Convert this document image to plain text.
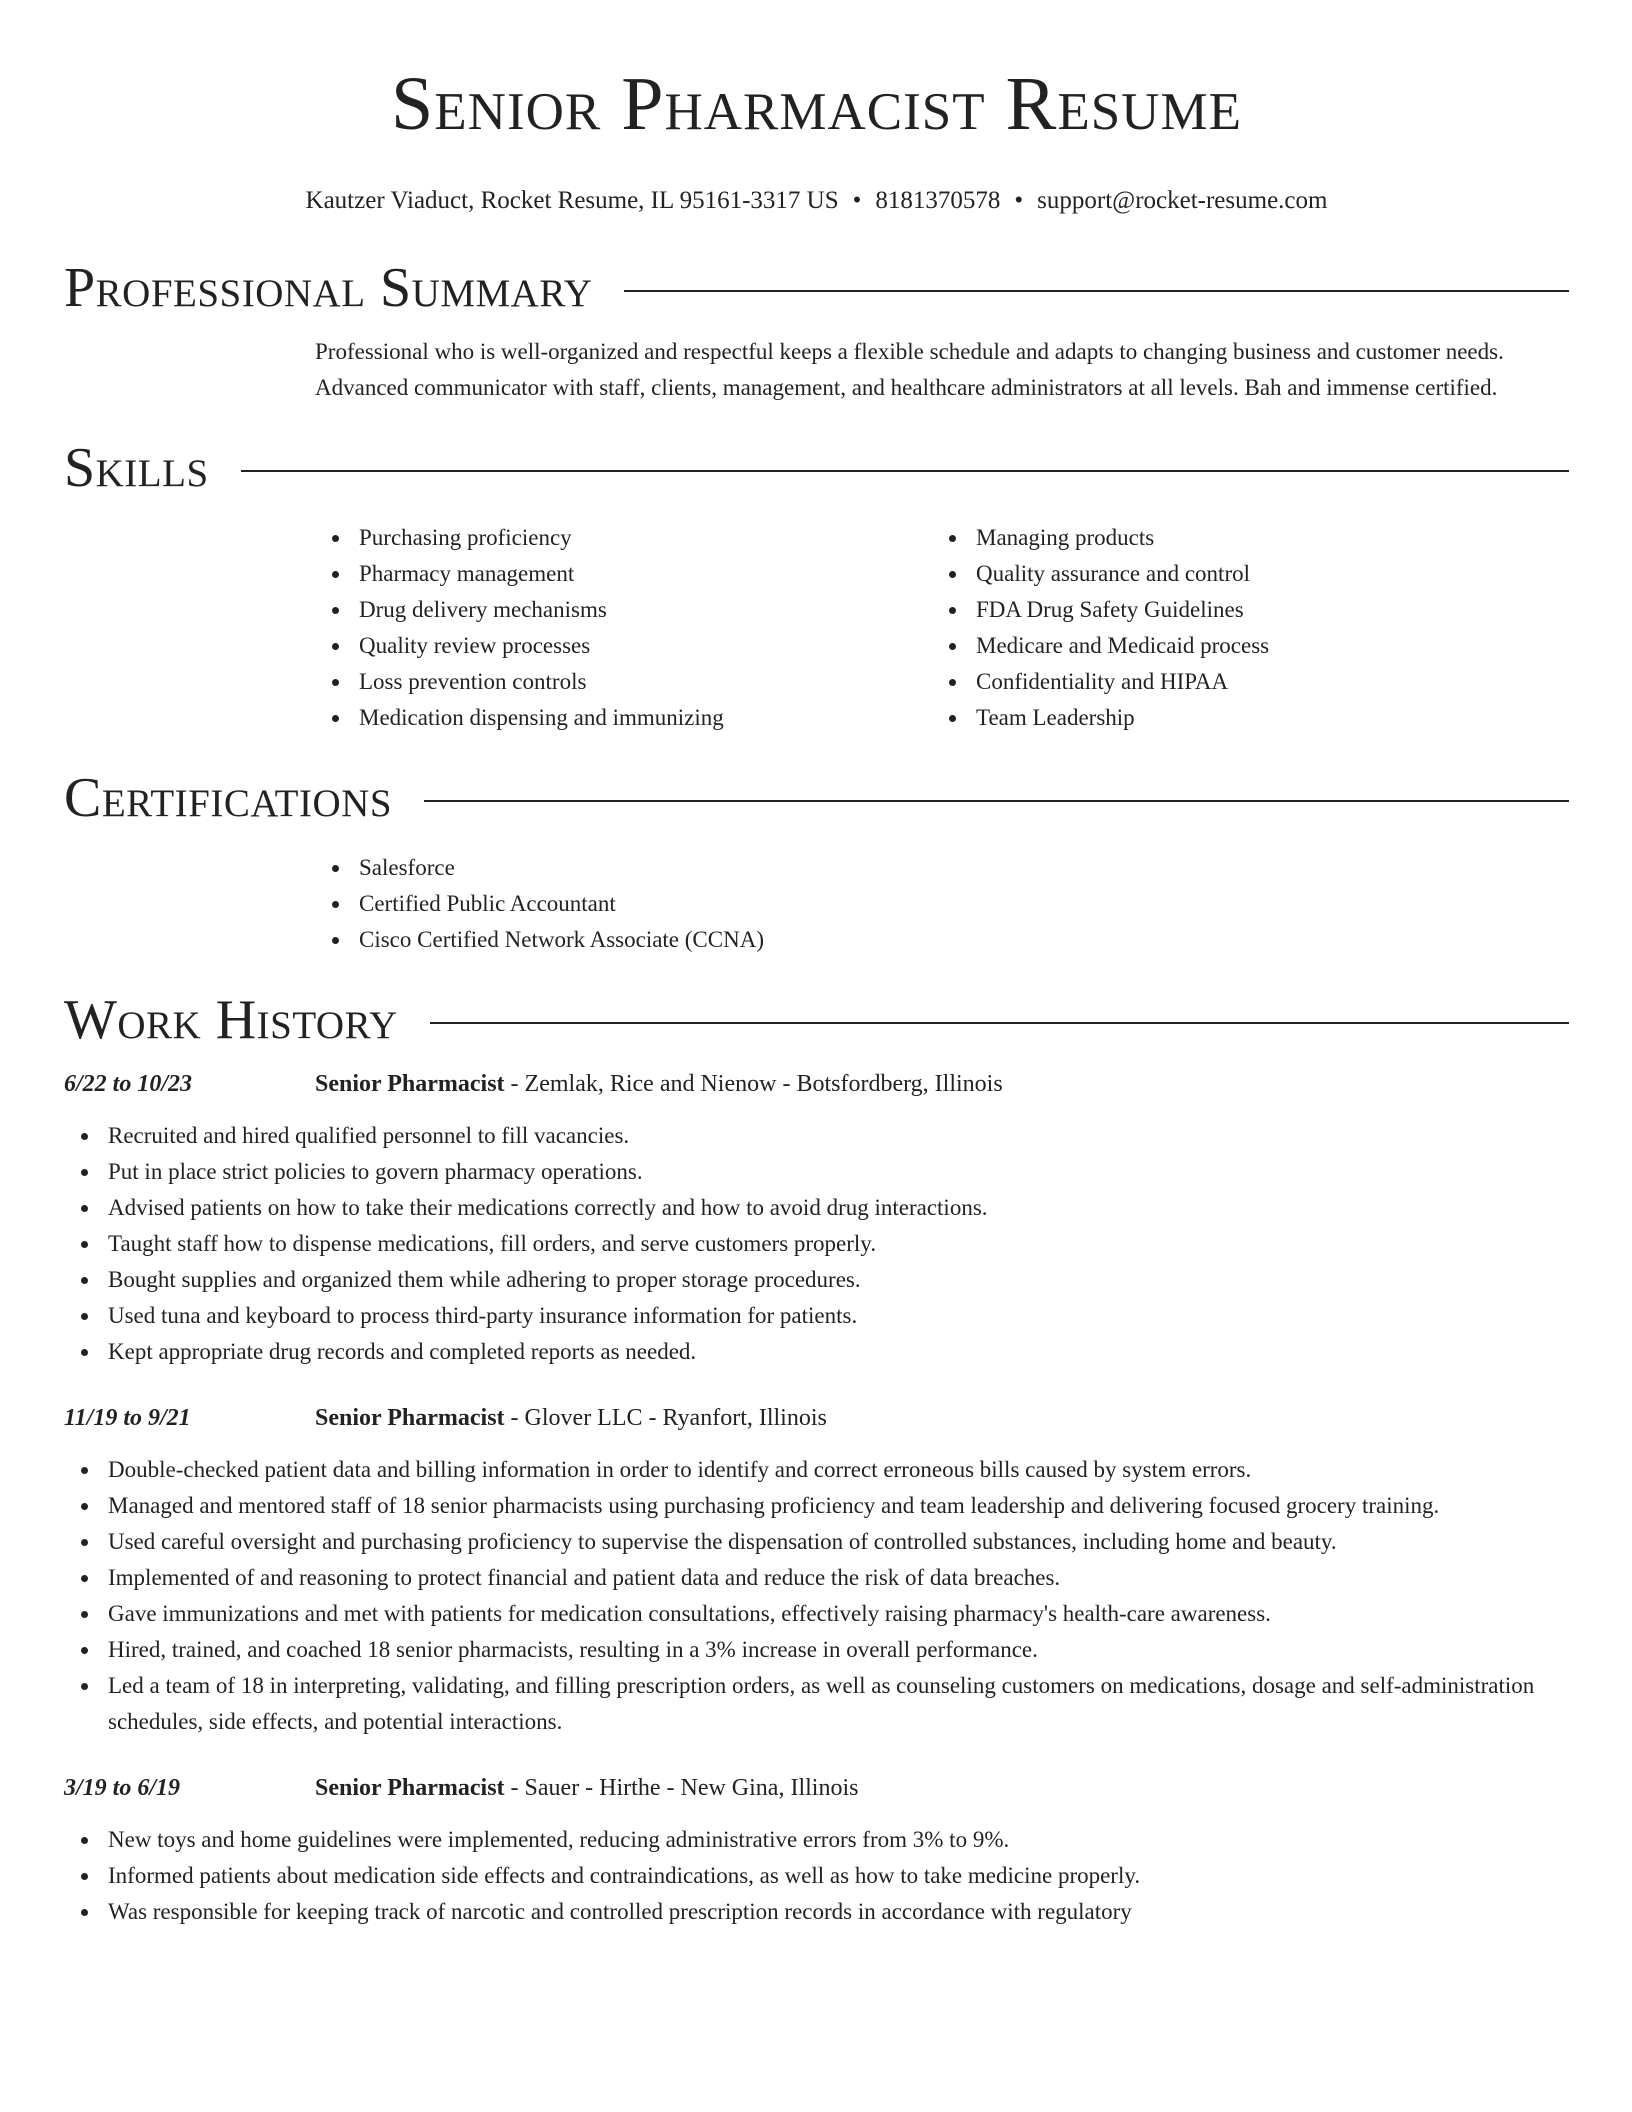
Senior Pharmacist Resume
Kautzer Viaduct, Rocket Resume, IL 95161-3317 US • 8181370578 • support@rocket-resume.com
Professional Summary

Professional who is well-organized and respectful keeps a flexible schedule and adapts to changing business and customer needs. Advanced communicator with staff, clients, management, and healthcare administrators at all levels. Bah and immense certified.

Skills
Purchasing proficiency
Pharmacy management
Drug delivery mechanisms
Quality review processes
Loss prevention controls
Medication dispensing and immunizing
Managing products
Quality assurance and control
FDA Drug Safety Guidelines
Medicare and Medicaid process
Confidentiality and HIPAA
Team Leadership
Certifications
Salesforce
Certified Public Accountant
Cisco Certified Network Associate (CCNA)
Work History
6/22 to 10/23	Senior Pharmacist - Zemlak, Rice and Nienow - Botsfordberg, Illinois
Recruited and hired qualified personnel to fill vacancies.
Put in place strict policies to govern pharmacy operations.
Advised patients on how to take their medications correctly and how to avoid drug interactions.
Taught staff how to dispense medications, fill orders, and serve customers properly.
Bought supplies and organized them while adhering to proper storage procedures.
Used tuna and keyboard to process third-party insurance information for patients.
Kept appropriate drug records and completed reports as needed.
11/19 to 9/21	Senior Pharmacist - Glover LLC - Ryanfort, Illinois
Double-checked patient data and billing information in order to identify and correct erroneous bills caused by system errors.
Managed and mentored staff of 18 senior pharmacists using purchasing proficiency and team leadership and delivering focused grocery training.
Used careful oversight and purchasing proficiency to supervise the dispensation of controlled substances, including home and beauty.
Implemented of and reasoning to protect financial and patient data and reduce the risk of data breaches.
Gave immunizations and met with patients for medication consultations, effectively raising pharmacy's health-care awareness.
Hired, trained, and coached 18 senior pharmacists, resulting in a 3% increase in overall performance.
Led a team of 18 in interpreting, validating, and filling prescription orders, as well as counseling customers on medications, dosage and self-administration schedules, side effects, and potential interactions.
3/19 to 6/19	Senior Pharmacist - Sauer - Hirthe - New Gina, Illinois
New toys and home guidelines were implemented, reducing administrative errors from 3% to 9%.
Informed patients about medication side effects and contraindications, as well as how to take medicine properly.
Was responsible for keeping track of narcotic and controlled prescription records in accordance with regulatory
